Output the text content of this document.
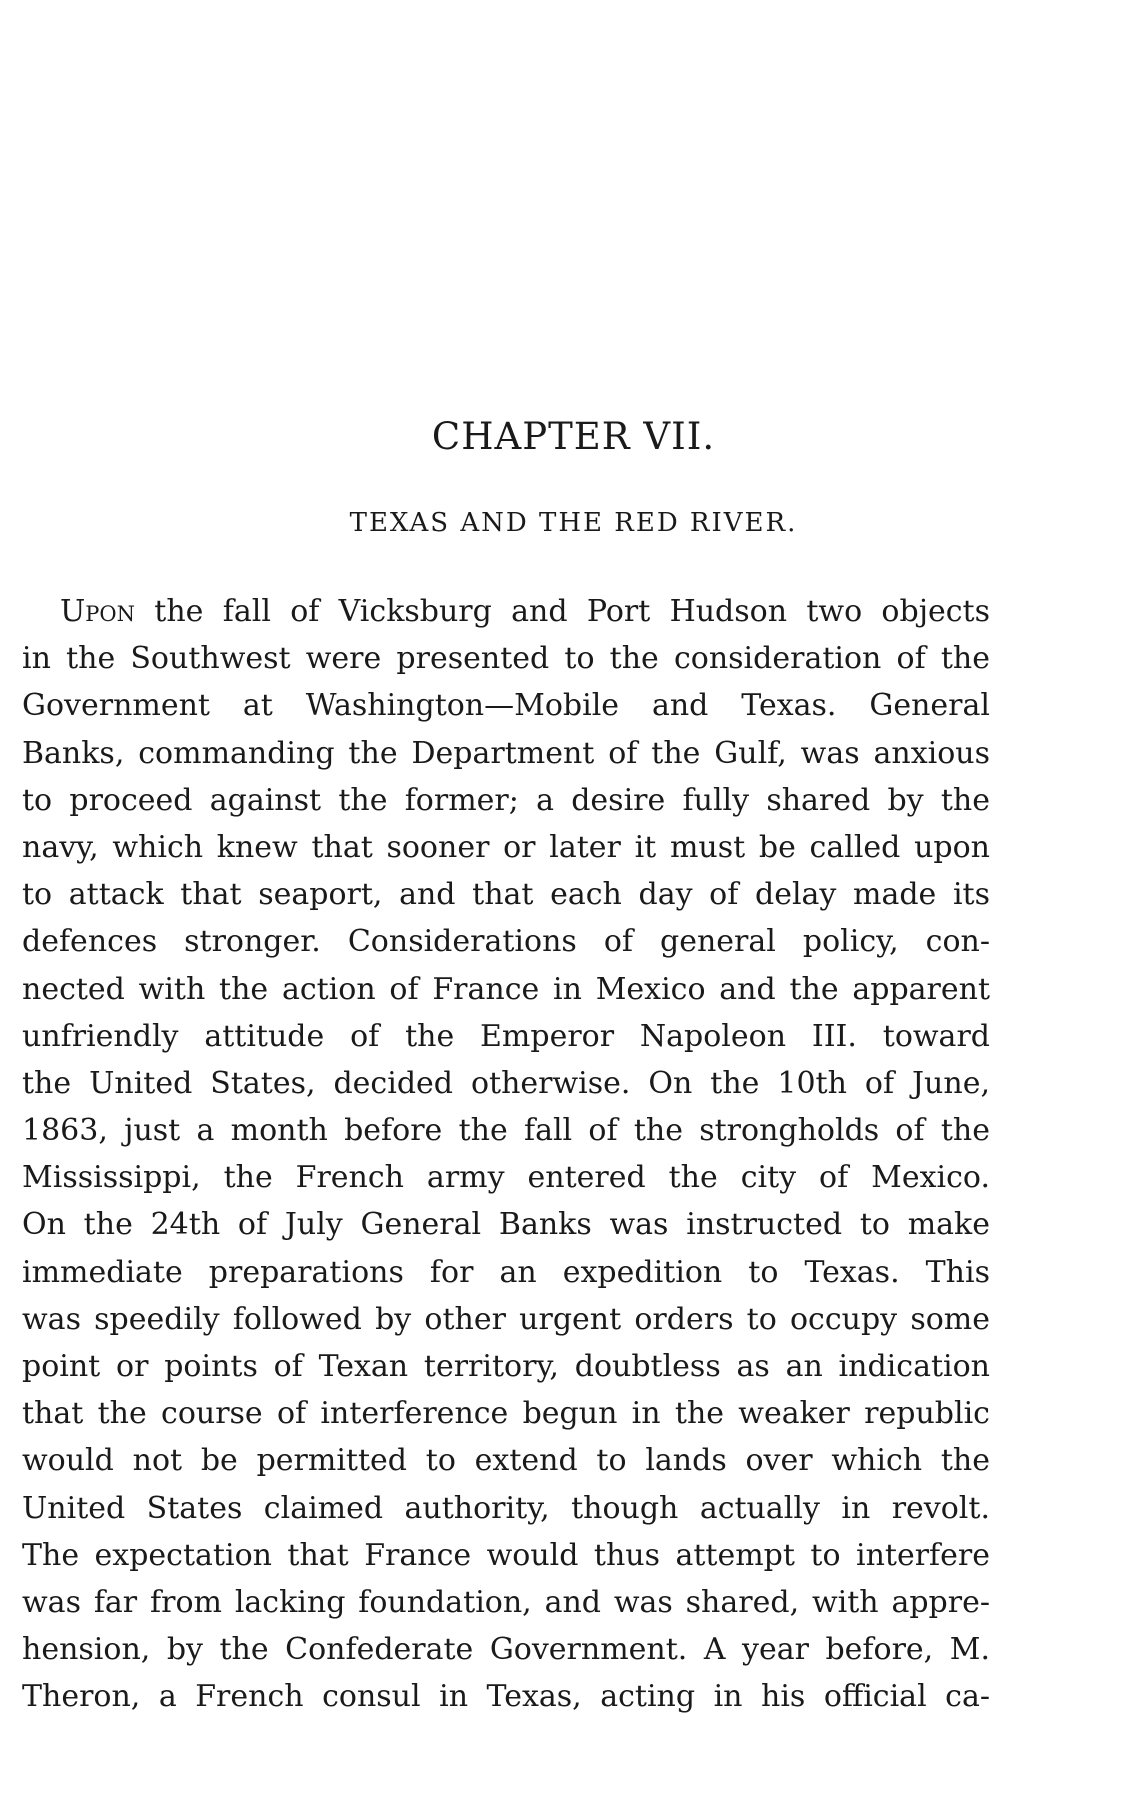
CHAPTER VII.
TEXAS AND THE RED RIVER.
Upon the fall of Vicksburg and Port Hudson two objects
in the Southwest were presented to the consideration of the
Government at Washington—Mobile and Texas. General
Banks, commanding the Department of the Gulf, was anxious
to proceed against the former; a desire fully shared by the
navy, which knew that sooner or later it must be called upon
to attack that seaport, and that each day of delay made its
defences stronger. Considerations of general policy, con-
nected with the action of France in Mexico and the apparent
unfriendly attitude of the Emperor Napoleon III. toward
the United States, decided otherwise. On the 10th of June,
1863, just a month before the fall of the strongholds of the
Mississippi, the French army entered the city of Mexico.
On the 24th of July General Banks was instructed to make
immediate preparations for an expedition to Texas. This
was speedily followed by other urgent orders to occupy some
point or points of Texan territory, doubtless as an indication
that the course of interference begun in the weaker republic
would not be permitted to extend to lands over which the
United States claimed authority, though actually in revolt.
The expectation that France would thus attempt to interfere
was far from lacking foundation, and was shared, with appre-
hension, by the Confederate Government. A year before, M.
Theron, a French consul in Texas, acting in his official ca-
